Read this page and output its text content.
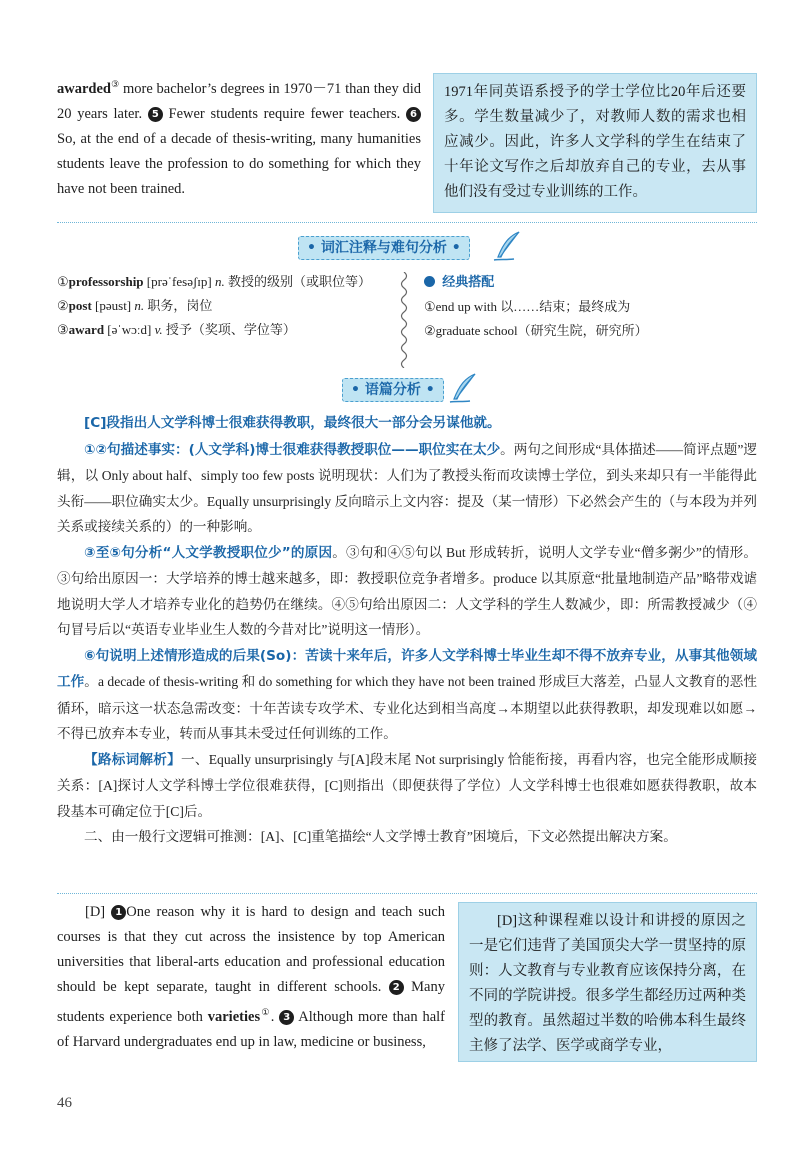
awarded③ more bachelor’s degrees in 1970－71 than they did 20 years later. 5 Fewer students require fewer teachers. 6So, at the end of a decade of thesis-writing, many humanities students leave the profession to do something for which they have not been trained.
1971年同英语系授予的学士学位比20年后还要多。学生数量减少了，对教师人数的需求也相应减少。因此，许多人文学科的学生在结束了十年论文写作之后却放弃自己的专业，去从事他们没有受过专业训练的工作。
• 词汇注释与难句分析 •
①professorship [prəˈfesəʃɪp] n. 教授的级别（或职位等）
②post [pəust] n. 职务，岗位
③award [əˈwɔːd] v. 授予（奖项、学位等）
经典搭配
①end up with 以……结束；最终成为
②graduate school（研究生院，研究所）
• 语篇分析 •

[C]段指出人文学科博士很难获得教职，最终很大一部分会另谋他就。

①②句描述事实：(人文学科)博士很难获得教授职位——职位实在太少。两句之间形成“具体描述——简评点题”逻辑，以 Only about half、simply too few posts 说明现状：人们为了教授头衔而攻读博士学位，到头来却只有一半能得此头衔——职位确实太少。Equally unsurprisingly 反向暗示上文内容：提及（某一情形）下必然会产生的（与本段为并列关系或接续关系的）的一种影响。

③至⑤句分析“人文学教授职位少”的原因。③句和④⑤句以 But 形成转折，说明人文学专业“僧多粥少”的情形。③句给出原因一：大学培养的博士越来越多，即：教授职位竞争者增多。produce 以其原意“批量地制造产品”略带戏谑地说明大学人才培养专业化的趋势仍在继续。④⑤句给出原因二：人文学科的学生人数减少，即：所需教授减少（④句冒号后以“英语专业毕业生人数的今昔对比”说明这一情形）。

⑥句说明上述情形造成的后果(So)：苦读十来年后，许多人文学科博士毕业生却不得不放弃专业，从事其他领域工作。a decade of thesis-writing 和 do something for which they have not been trained 形成巨大落差，凸显人文教育的恶性循环，暗示这一状态急需改变：十年苦读专攻学术、专业化达到相当高度→本期望以此获得教职，却发现难以如愿→不得已放弃本专业，转而从事其未受过任何训练的工作。

【路标词解析】一、Equally unsurprisingly 与[A]段末尾 Not surprisingly 恰能衔接，再看内容，也完全能形成顺接关系：[A]探讨人文学科博士学位很难获得，[C]则指出（即便获得了学位）人文学科博士也很难如愿获得教职，故本段基本可确定位于[C]后。

二、由一般行文逻辑可推测：[A]、[C]重笔描绘“人文学博士教育”困境后，下文必然提出解决方案。

[D] 1 One reason why it is hard to design and teach such courses is that they cut across the insistence by top American universities that liberal-arts education and professional education should be kept separate, taught in different schools. 2 Many students experience both varieties①. 3 Although more than half of Harvard undergraduates end up in law, medicine or business,
[D]这种课程难以设计和讲授的原因之一是它们违背了美国顶尖大学一贯坚持的原则：人文教育与专业教育应该保持分离，在不同的学院讲授。很多学生都经历过两种类型的教育。虽然超过半数的哈佛本科生最终主修了法学、医学或商学专业，
46
